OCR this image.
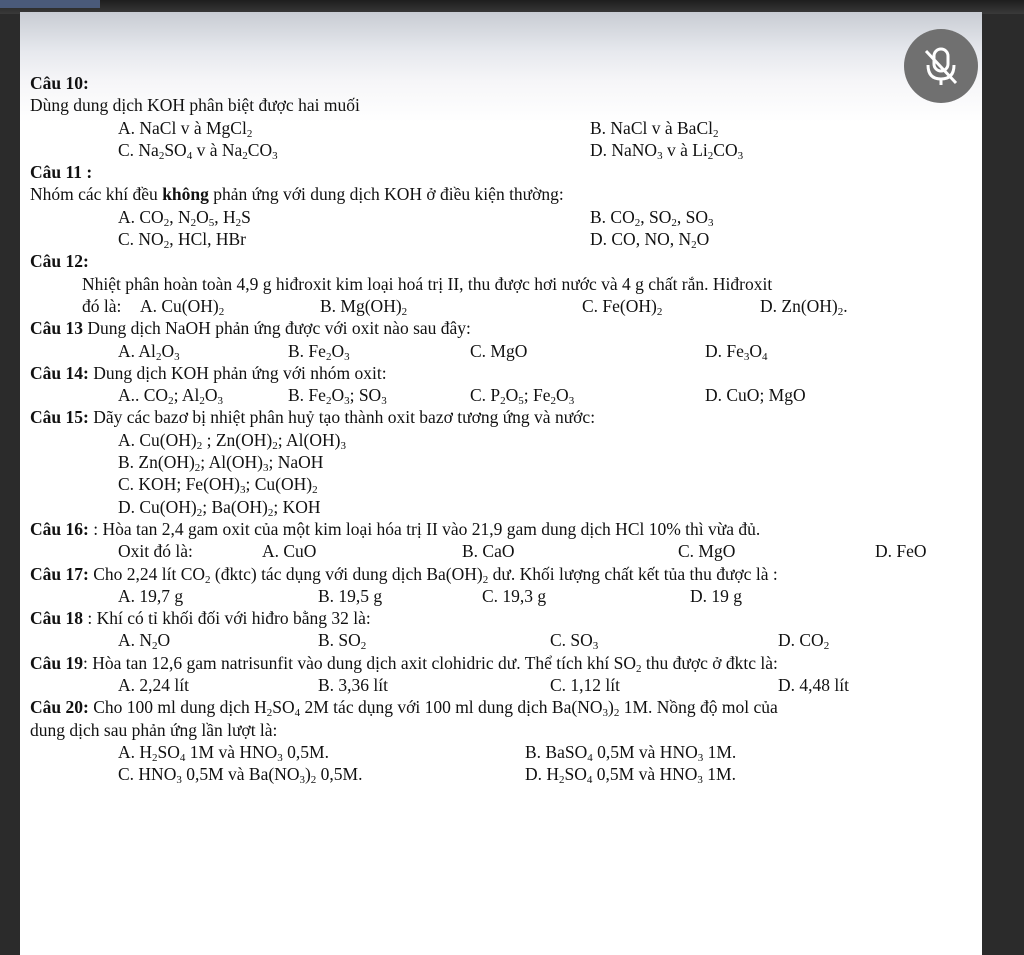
Câu 10:
Dùng dung dịch KOH phân biệt được hai muối
A. NaCl v à MgCl$_2$	B. NaCl v à BaCl$_2$
C. $Na_2SO_4$ v à $Na_2CO_3$	D. NaNO$_3$ v à $Li_2CO_3$
Câu 11 :
Nhóm các khí đều không phản ứng với dung dịch KOH ở điều kiện thường:
A. $CO_2$, $N_2O_5$, $H_2S$	B. $CO_2$, $SO_2$, $SO_3$
C. $NO_2$, HCl, HBr	D. CO, NO, $N_2O$
Câu 12:
Nhiệt phân hoàn toàn 4,9 g hiđroxit kim loại hoá trị II, thu được hơi nước và 4 g chất rắn. Hiđroxit
đó là: A. $Cu(OH)_2$	B. $Mg(OH)_2$	C. $Fe(OH)_2$	D. $Zn(OH)_2$.
Câu 13 Dung dịch NaOH phản ứng được với oxit nào sau đây:
A. $Al_2O_3$	B. $Fe_2O_3$	C. MgO	D. $Fe_3O_4$
Câu 14: Dung dịch KOH phản ứng với nhóm oxit:
A.. $CO_2$; $Al_2O_3$	B. $Fe_2O_3$; $SO_3$	C. $P_2O_5$; $Fe_2O_3$	D. CuO; MgO
Câu 15: Dãy các bazơ bị nhiệt phân huỷ tạo thành oxit bazơ tương ứng và nước:
A. $Cu(OH)_2$ ; $Zn(OH)_2$; $Al(OH)_3$
B. $Zn(OH)_2$; $Al(OH)_3$; NaOH
C. KOH; $Fe(OH)_3$; $Cu(OH)_2$
D. $Cu(OH)_2$; $Ba(OH)_2$; KOH
Câu 16: : Hòa tan 2,4 gam oxit của một kim loại hóa trị II vào 21,9 gam dung dịch HCl 10% thì vừa đủ.
Oxit đó là:	A. CuO	B. CaO	C. MgO	D. FeO
Câu 17: Cho 2,24 lít $CO_2$ (đktc) tác dụng với dung dịch $Ba(OH)_2$ dư. Khối lượng chất kết tủa thu được là :
A. 19,7 g	B. 19,5 g	C. 19,3 g	D. 19 g
Câu 18 : Khí có tỉ khối đối với hiđro bằng 32 là:
A. $N_2O$	B. $SO_2$	C. $SO_3$	D. $CO_2$
Câu 19: Hòa tan 12,6 gam natrisunfit vào dung dịch axit clohidric dư. Thể tích khí $SO_2$ thu được ở đktc là:
A. 2,24 lít	B. 3,36 lít	C. 1,12 lít	D. 4,48 lít
Câu 20: Cho 100 ml dung dịch $H_2SO_4$ 2M tác dụng với 100 ml dung dịch $Ba(NO_3)_2$ 1M. Nồng độ mol của
dung dịch sau phản ứng lần lượt là:
A. $H_2SO_4$ 1M và $HNO_3$ 0,5M.	B. BaSO$_4$ 0,5M và $HNO_3$ 1M.
C. $HNO_3$ 0,5M và $Ba(NO_3)_2$ 0,5M.	D. $H_2SO_4$ 0,5M và $HNO_3$ 1M.
